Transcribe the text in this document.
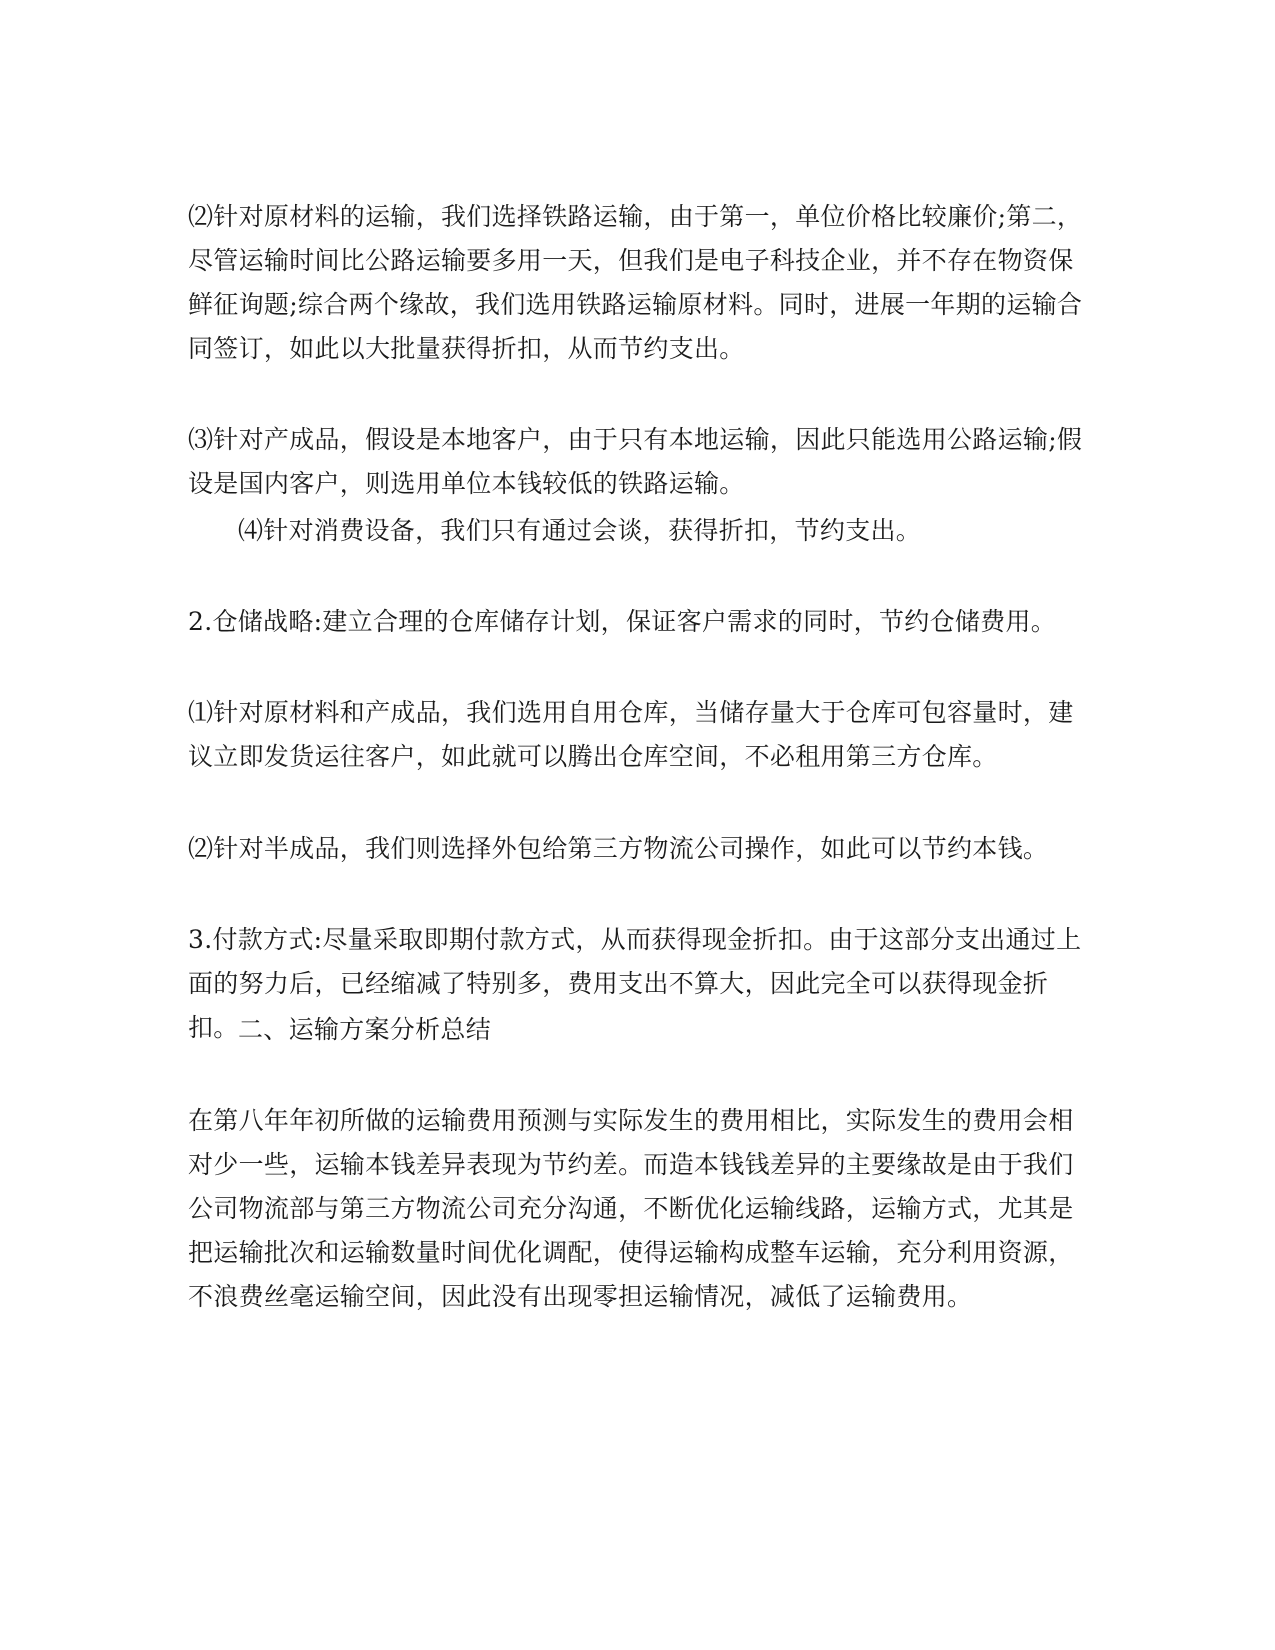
⑵针对原材料的运输，我们选择铁路运输，由于第一，单位价格比较廉价;第二，尽管运输时间比公路运输要多用一天，但我们是电子科技企业，并不存在物资保鲜征询题;综合两个缘故，我们选用铁路运输原材料。同时，进展一年期的运输合同签订，如此以大批量获得折扣，从而节约支出。

⑶针对产成品，假设是本地客户，由于只有本地运输，因此只能选用公路运输;假设是国内客户，则选用单位本钱较低的铁路运输。

⑷针对消费设备，我们只有通过会谈，获得折扣，节约支出。

2.仓储战略:建立合理的仓库储存计划，保证客户需求的同时，节约仓储费用。

⑴针对原材料和产成品，我们选用自用仓库，当储存量大于仓库可包容量时，建议立即发货运往客户，如此就可以腾出仓库空间，不必租用第三方仓库。

⑵针对半成品，我们则选择外包给第三方物流公司操作，如此可以节约本钱。

3.付款方式:尽量采取即期付款方式，从而获得现金折扣。由于这部分支出通过上面的努力后，已经缩减了特别多，费用支出不算大，因此完全可以获得现金折扣。 二、运输方案分析总结

在第八年年初所做的运输费用预测与实际发生的费用相比，实际发生的费用会相对少一些，运输本钱差异表现为节约差。而造本钱钱差异的主要缘故是由于我们公司物流部与第三方物流公司充分沟通，不断优化运输线路，运输方式，尤其是把运输批次和运输数量时间优化调配，使得运输构成整车运输，充分利用资源，不浪费丝毫运输空间，因此没有出现零担运输情况，减低了运输费用。
